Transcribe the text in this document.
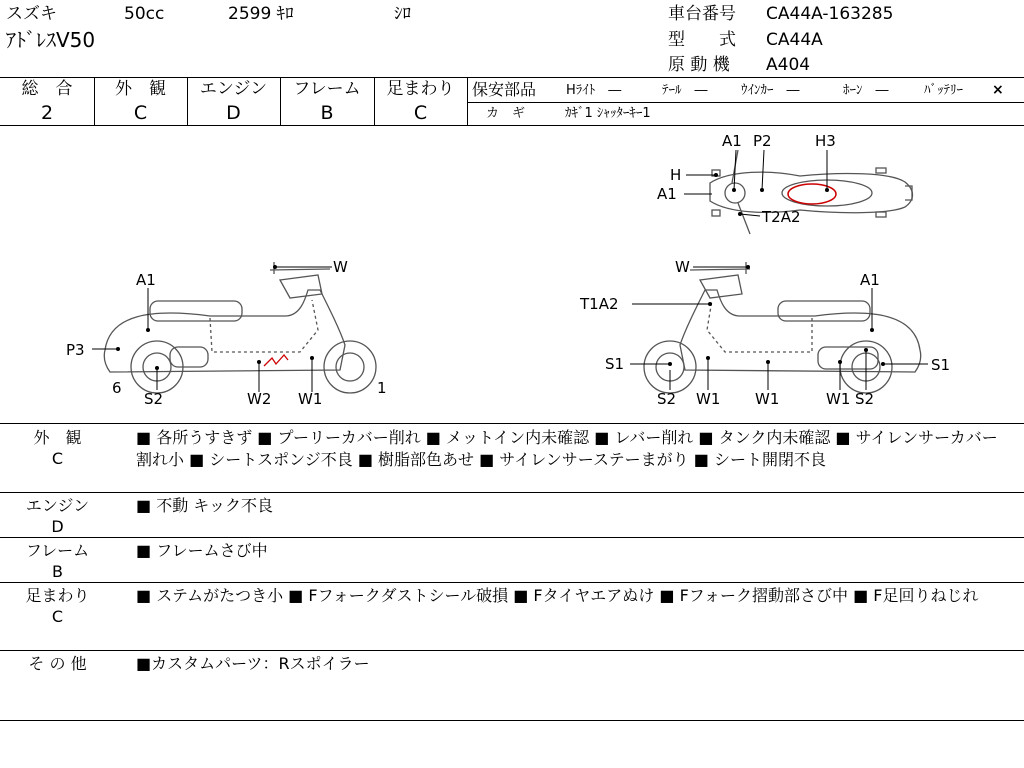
スズキ	50cc	2599 ｷﾛ	ｼﾛ
ｱﾄﾞﾚｽV50
車台番号 CA44A-163285
型　　式 CA44A
原 動 機 A404
総　合
2
外　観
C
エンジン
D
フレーム
B
足まわり
C
保安部品 Hﾗｲﾄ　―	ﾃｰﾙ　―	ｳｲﾝｶｰ　―	ﾎｰﾝ　―	ﾊﾞｯﾃﾘｰ ×
カ　ギ	ｶｷﾞ1 ｼｬｯﾀｰｷｰ1
A1 P2	H3
H
A1
T2A2
W
A1
P3
6
S2	W2 W1
1
W
A1
T1A2
S1	S1
S2 W1 W1	W1 S2
外　観
C
■ 各所うすきず ■ プーリーカバー削れ ■ メットイン内未確認 ■ レバー削れ ■ タンク内未確認 ■ サイレンサーカバー割れ小 ■ シートスポンジ不良 ■ 樹脂部色あせ ■ サイレンサーステーまがり ■ シート開閉不良
エンジン
D
■ 不動 キック不良
フレーム
B
■ フレームさび中
足まわり
C
■ ステムがたつき小 ■ Fフォークダストシール破損 ■ Fタイヤエアぬけ ■ Fフォーク摺動部さび中 ■ F足回りねじれ
そ の 他	■カスタムパーツ：Rスポイラー
